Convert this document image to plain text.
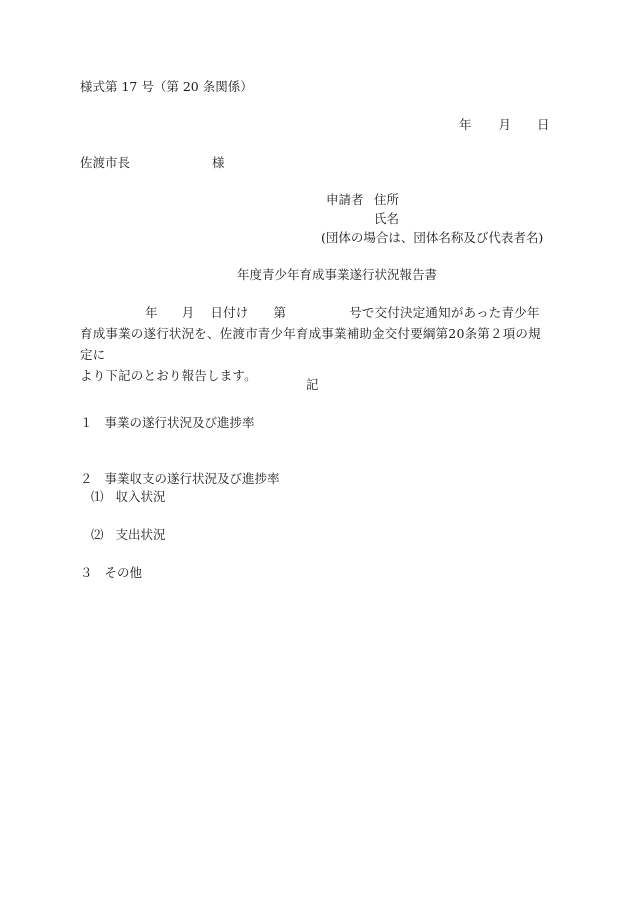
様式第 17 号（第 20 条関係）
年 月 日
佐渡市長	様
申請者 住所
氏名
(団体の場合は、団体名称及び代表者名)
年度青少年育成事業遂行状況報告書
年 月 日付け 第	号で交付決定通知があった青少年
育成事業の遂行状況を、佐渡市青少年育成事業補助金交付要綱第20条第２項の規定に
より下記のとおり報告します。
記
１ 事業の遂行状況及び進捗率
２ 事業収支の遂行状況及び進捗率
⑴ 収入状況
⑵ 支出状況
３ その他
